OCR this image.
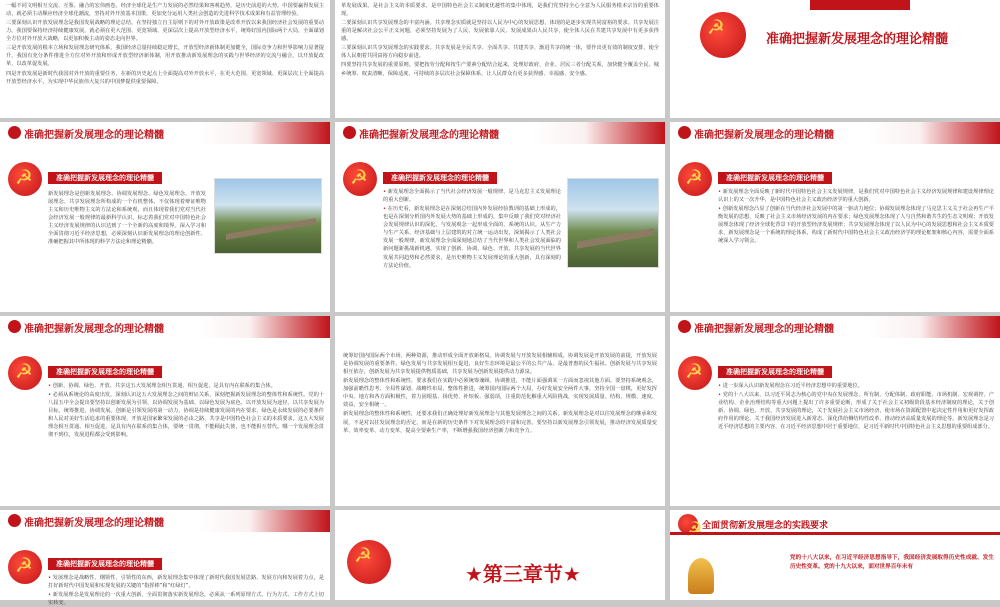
一幅不同文明相互交流、互鉴、融合的宏伟画卷。经济全球化是生产力发展的必然结果和客观趋势，是历史前进的大势。中国要赢得发展主动，就必须主动顺应经济全球化潮流，坚持对外开放基本国策，更加充分运用人类社会创造的先进科学技术成果和有益管理经验。

三要深刻认识开放发展理念是我国发展战略的理论总结。在坚持独立自主原则下的对外开放政策是改革开放以来我国经济社会发展的重要动力。我国要保持经济持续健康发展，就必须在更大范围、更宽领域、更深层次上提高开放型经济水平，统筹好国内国际两个大局，全面谋划全方位对外开放大战略，以更加积极主动的姿态走向世界。

三是开放发展的根本立场和发展理念研究体系，我国经济总量持续稳定增长，开放型经济新体制更加健全，国际竞争力和世界影响力显著提升，我国有充分条件推进全方位对外开放和形成开放型经济新体制，用开放推动新发展理念的实践与世界经济的交流与融合，以开放促改革，以改革促发展。

四是开放发展是新时代我国对外开放的重要任务，在新的历史起点上全面提高对外开放水平，在更大范围、更宽领域、更深层次上全面提高开放型经济水平，为实现中华民族伟大复兴的中国梦提供重要保障。

革发展成果。是社会主义的本质要求，是中国特色社会主义制度优越性的集中体现，是我们党坚持全心全意为人民服务根本宗旨的重要体现。

二要深刻认识共享发展理念的丰富内涵。共享理念实质就是坚持以人民为中心的发展思想，体现的是逐步实现共同富裕的要求。共享发展注重的是解决社会公平正义问题，必须坚持发展为了人民、发展依靠人民、发展成果由人民共享，使全体人民在共建共享发展中有更多获得感。

三要深刻认识共享发展理念的实践要求。共享发展是全民共享、全面共享、共建共享、渐进共享的统一体，要作出更有效的制度安排，使全体人民朝着共同富裕方向稳步前进。

四要坚持共享发展的重要原则。要把按劳分配和按生产要素分配结合起来，处理好政府、企业、居民三者分配关系，加快健全覆盖全民、城乡统筹、权责清晰、保障适度、可持续的多层次社会保障体系，让人民群众有更多获得感、幸福感、安全感。

☭
准确把握新发展理念的理论精髓
准确把握新发展理念的理论精髓
☭
准确把握新发展理念的理论精髓

新发展理念是创新发展理念、协调发展理念、绿色发展理念、开放发展理念、共享发展理念所构成的一个有机整体。不仅体现着辩证唯物主义和历史唯物主义的方法论和系统观，而且体现着我们党对当代社会经济发展一般规律的最新科学认识，标志着我们党对中国特色社会主义经济发展规律的认识达到了一个全新的高度和境界。深入学习和全面贯彻习近平经济思想，必须深刻认识新发展理念的理论创新性、准确把握其中所体现的科学方法论和理论精髓。

准确把握新发展理念的理论精髓
☭
准确把握新发展理念的理论精髓

• 新发展理念全面揭示了当代社会经济发展一般规律，是马克思主义发展理论的重大创新。

• 在历史看，新发展理念是在深刻总结国内外发展经验教训的基础上形成的，也是在深刻分析国内外发展大势的基础上形成的，集中反映了我们党对经济社会发展规律认识的深化。与发展观念一起形成全面的、系统的认识。从生产力与生产关系、经济基础与上层建筑的对立统一运动出发，深刻揭示了人类社会发展一般规律，新发展理念全面深刻地总结了当代世界和人类社会发展面临的新问题新挑战新机遇，实现了创新、协调、绿色、开放、共享发展的当代世界发展共同趋势和必然要求，是历史唯物主义发展理论的重大创新，具有深刻的方法论价值。

准确把握新发展理念的理论精髓
☭
准确把握新发展理念的理论精髓

• 新发展理念全面反映了新时代中国特色社会主义发展规律，是我们党对中国特色社会主义经济发展规律和建设规律理论认识上的又一次升华，是中国特色社会主义政治经济学的重大创新。

• 创新发展理念凸显了创新在当代经济社会发展中的第一驱动力地位；协调发展理念体现了马克思主义关于社会再生产平衡发展的思想，反映了社会主义市场经济发展的内在要求；绿色发展理念体现了人与自然和谐共生的生态文明观；开放发展理念体现了经济全球化背景下的开放型经济发展规律；共享发展理念体现了以人民为中心的发展思想和社会主义本质要求，新发展理念是一个系统的理论体系，构成了新时代中国特色社会主义政治经济学的理论框架和核心内容，需要全面系统深入学习领会。

准确把握新发展理念的理论精髓
☭
准确把握新发展理念的理论精髓

• 创新、协调、绿色、开放、共享这五大发展理念相互贯通、相互促进，是具有内在联系的集合体。

• 必须从系统论的高度出发，深刻认识这五大发展理念之间的辩证关系，深刻把握新发展理念的整体性和系统性。党的十八届五中全会提出要坚持以创新发展为引领、以协调发展为基础、以绿色发展为底色、以开放发展为途径、以共享发展为目标，统筹推进，协调发展。创新是引领发展的第一动力，协调是持续健康发展的内在要求，绿色是永续发展的必要条件和人民对美好生活追求的重要体现，开放是国家繁荣发展的必由之路，共享是中国特色社会主义的本质要求。这五大发展理念相互贯通、相互促进，是具有内在联系的集合体，要统一贯彻，不能顾此失彼，也不能相互替代。哪一个发展理念贯彻不到位，发展进程都会受到影响。

统筹好国内国际两个市场、两种资源，推动形成全面开放新格局。协调发展与开放发展相辅相成，协调发展是开放发展的前提，开放发展是协调发展的重要条件。绿色发展与共享发展相互促进，良好生态环境是最公平的公共产品，是最普惠的民生福祉。创新发展与共享发展相互依存，创新发展为共享发展提供物质基础，共享发展为创新发展提供动力源泉。

新发展理念的整体性和系统性，要求我们在实践中必须统筹兼顾、协调推进，不能片面强调某一方面而忽视其他方面。要坚持系统观念，加强前瞻性思考、全局性谋划、战略性布局、整体性推进，统筹国内国际两个大局，办好发展安全两件大事，坚持全国一盘棋，更好发挥中央、地方和各方面积极性，着力固根基、扬优势、补短板、强弱项，注重防范化解重大风险挑战，实现发展质量、结构、规模、速度、效益、安全相统一。

新发展理念的整体性和系统性，还要求我们正确处理好新发展理念与其他发展理念之间的关系。新发展理念是对以往发展理念的继承和发展，不是对以往发展理念的否定，而是在新的历史条件下对发展理念的丰富和完善。要坚持以新发展理念引领发展，推动经济发展质量变革、效率变革、动力变革，提高全要素生产率，不断增强我国经济创新力和竞争力。

准确把握新发展理念的理论精髓
☭
准确把握新发展理念的理论精髓

• 进一步深入认识新发展理念在习近平经济思想中的重要地位。

• 党的十八大以来，以习近平同志为核心的党中央在发展理念、所有制、分配体制、政府职能、市场机制、宏观调控、产业结构、企业治理结构等重大问题上提出了许多重要论断，形成了关于社会主义初级阶段基本经济制度的理论，关于创新、协调、绿色、开放、共享发展的理论，关于发展社会主义市场经济，使市场在资源配置中起决定性作用和更好发挥政府作用的理论，关于我国经济发展进入新常态、深化供给侧结构性改革、推动经济高质量发展的理论等。新发展理念是习近平经济思想的主要内容，在习近平经济思想中居于重要地位，是习近平新时代中国特色社会主义思想的重要组成部分。

准确把握新发展理念的理论精髓
☭
准确把握新发展理念的理论精髓

• 发展理念是战略性、纲领性、引领性的东西，新发展理念集中体现了新时代我国发展思路、发展方向和发展着力点，是打好新时代中国发展和实现发展的关键的“指挥棒”和“红绿灯”。

• 新发展理念是发展理论的一次重大创新，全面贯彻落实新发展理念，必须从一系列原理方式、行为方式、工作方式上切实转变。

☭
★第三章节★
☭
全面贯彻新发展理念的实践要求
党的十八大以来，在习近平经济思想指导下，我国经济发展取得历史性成就、发生历史性变革。党的十九大以来，面对世界百年未有
